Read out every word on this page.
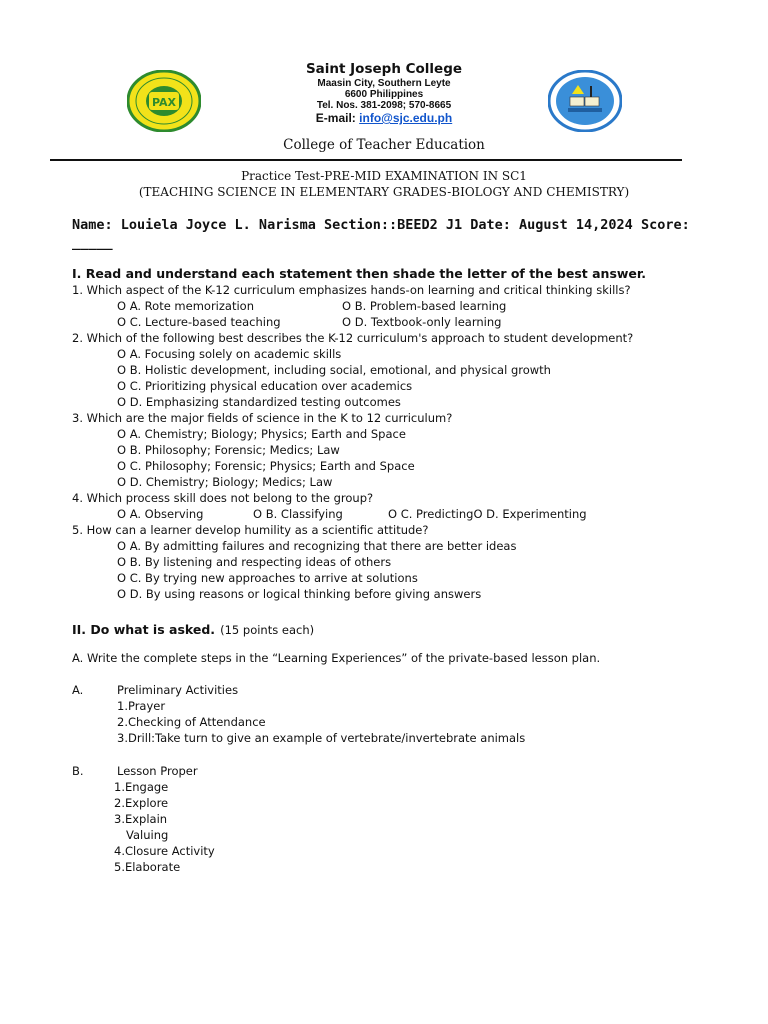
PAX
Saint Joseph College
Maasin City, Southern Leyte
6600 Philippines
Tel. Nos. 381-2098; 570-8665
E-mail: info@sjc.edu.ph
College of Teacher Education
Practice Test-PRE-MID EXAMINATION IN SC1
(TEACHING SCIENCE IN ELEMENTARY GRADES-BIOLOGY AND CHEMISTRY)
Name: Louiela Joyce L. Narisma Section::BEED2 J1 Date: August 14,2024 Score:
_____
I. Read and understand each statement then shade the letter of the best answer.
1. Which aspect of the K-12 curriculum emphasizes hands-on learning and critical thinking skills?
O A. Rote memorization	O B. Problem-based learning
O C. Lecture-based teaching	O D. Textbook-only learning
2. Which of the following best describes the K-12 curriculum's approach to student development?
O A. Focusing solely on academic skills
O B. Holistic development, including social, emotional, and physical growth
O C. Prioritizing physical education over academics
O D. Emphasizing standardized testing outcomes
3. Which are the major fields of science in the K to 12 curriculum?
O A. Chemistry; Biology; Physics; Earth and Space
O B. Philosophy; Forensic; Medics; Law
O C. Philosophy; Forensic; Physics; Earth and Space
O D. Chemistry; Biology; Medics; Law
4. Which process skill does not belong to the group?
O A. Observing	O B. Classifying	O C. PredictingO D. Experimenting
5. How can a learner develop humility as a scientific attitude?
O A. By admitting failures and recognizing that there are better ideas
O B. By listening and respecting ideas of others
O C. By trying new approaches to arrive at solutions
O D. By using reasons or logical thinking before giving answers
II. Do what is asked. (15 points each)
A. Write the complete steps in the “Learning Experiences” of the private-based lesson plan.
A.	Preliminary Activities
1.Prayer
2.Checking of Attendance
3.Drill:Take turn to give an example of vertebrate/invertebrate animals
B.	Lesson Proper
1.Engage
2.Explore
3.Explain
Valuing
4.Closure Activity
5.Elaborate
